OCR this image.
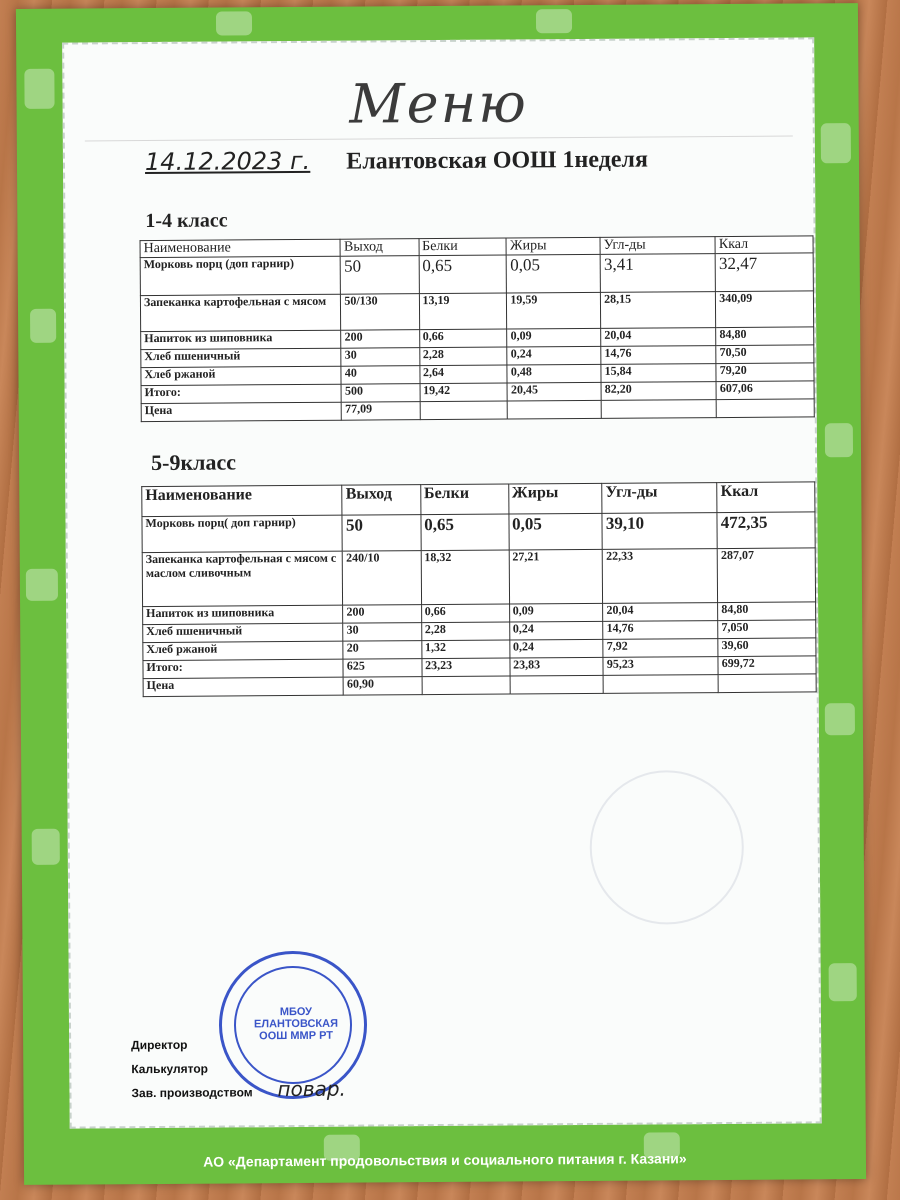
Меню
14.12.2023 г. Елантовская ООШ 1неделя
1-4 класс
Наименование	Выход	Белки	Жиры	Угл-ды	Ккал
Морковь порц (доп гарнир)	50	0,65	0,05	3,41	32,47
Запеканка картофельная с мясом	50/130	13,19	19,59	28,15	340,09
Напиток из шиповника	200	0,66	0,09	20,04	84,80
Хлеб пшеничный	30	2,28	0,24	14,76	70,50
Хлеб ржаной	40	2,64	0,48	15,84	79,20
Итого:	500	19,42	20,45	82,20	607,06
Цена	77,09				
5-9класс
Наименование	Выход	Белки	Жиры	Угл-ды	Ккал
Морковь порц( доп гарнир)	50	0,65	0,05	39,10	472,35
Запеканка картофельная с мясом с маслом сливочным	240/10	18,32	27,21	22,33	287,07
Напиток из шиповника	200	0,66	0,09	20,04	84,80
Хлеб пшеничный	30	2,28	0,24	14,76	7,050
Хлеб ржаной	20	1,32	0,24	7,92	39,60
Итого:	625	23,23	23,83	95,23	699,72
Цена	60,90				
МБОУ ЕЛАНТОВСКАЯ ООШ ММР РТ
Директор
Калькулятор
Зав. производством повар.
АО «Департамент продовольствия и социального питания г. Казани»
